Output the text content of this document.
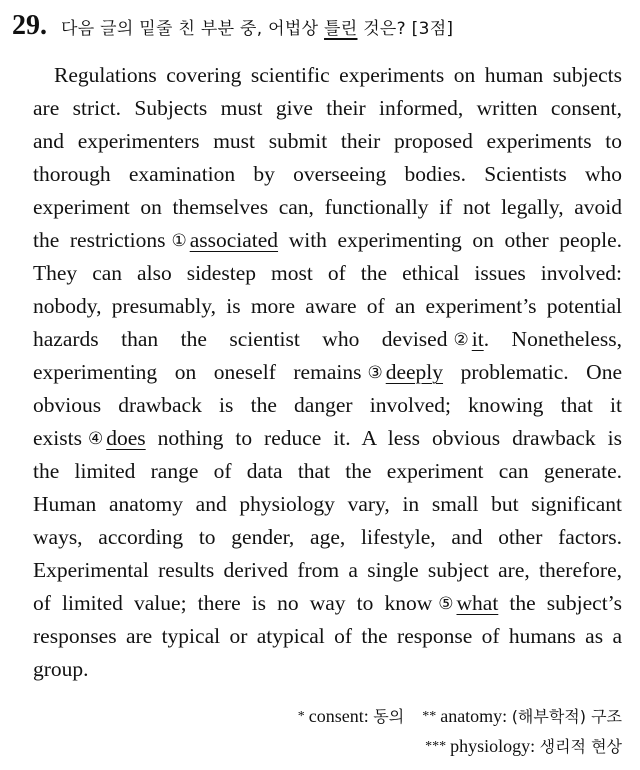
29. 다음 글의 밑줄 친 부분 중, 어법상 틀린 것은? [3점]
Regulations covering scientific experiments on human subjects
are strict. Subjects must give their informed, written consent,
and experimenters must submit their proposed experiments to
thorough examination by overseeing bodies. Scientists who
experiment on themselves can, functionally if not legally, avoid
the restrictions ① associated with experimenting on other people.
They can also sidestep most of the ethical issues involved:
nobody, presumably, is more aware of an experiment’s potential
hazards than the scientist who devised ② it. Nonetheless,
experimenting on oneself remains ③ deeply problematic. One
obvious drawback is the danger involved; knowing that it
exists ④ does nothing to reduce it. A less obvious drawback is
the limited range of data that the experiment can generate.
Human anatomy and physiology vary, in small but significant
ways, according to gender, age, lifestyle, and other factors.
Experimental results derived from a single subject are, therefore,
of limited value; there is no way to know ⑤ what the subject’s
responses are typical or atypical of the response of humans as a
group.
* consent: 동의 ** anatomy: (해부학적) 구조
*** physiology: 생리적 현상
